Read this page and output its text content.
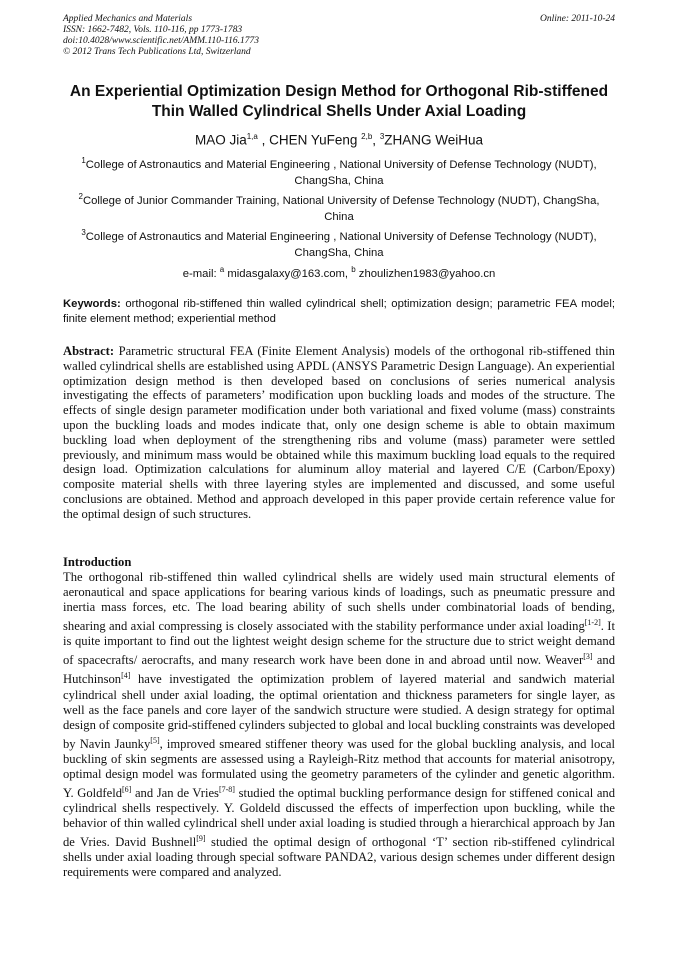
Applied Mechanics and Materials
ISSN: 1662-7482, Vols. 110-116, pp 1773-1783
doi:10.4028/www.scientific.net/AMM.110-116.1773
© 2012 Trans Tech Publications Ltd, Switzerland
Online: 2011-10-24
An Experiential Optimization Design Method for Orthogonal Rib-stiffened Thin Walled Cylindrical Shells Under Axial Loading
MAO Jia$^{1,a}$ , CHEN YuFeng $^{2,b}$, $^3$ZHANG WeiHua
$^1$College of Astronautics and Material Engineering , National University of Defense Technology (NUDT), ChangSha, China
$^2$College of Junior Commander Training, National University of Defense Technology (NUDT), ChangSha, China
$^3$College of Astronautics and Material Engineering , National University of Defense Technology (NUDT), ChangSha, China
e-mail: $^a$ midasgalaxy@163.com, $^b$ zhoulizhen1983@yahoo.cn
Keywords: orthogonal rib-stiffened thin walled cylindrical shell; optimization design; parametric FEA model; finite element method; experiential method
Abstract: Parametric structural FEA (Finite Element Analysis) models of the orthogonal rib-stiffened thin walled cylindrical shells are established using APDL (ANSYS Parametric Design Language). An experiential optimization design method is then developed based on conclusions of series numerical analysis investigating the effects of parameters’ modification upon buckling loads and modes of the structure. The effects of single design parameter modification under both variational and fixed volume (mass) constraints upon the buckling loads and modes indicate that, only one design scheme is able to obtain maximum buckling load when deployment of the strengthening ribs and volume (mass) parameter were settled previously, and minimum mass would be obtained while this maximum buckling load equals to the required design load. Optimization calculations for aluminum alloy material and layered C/E (Carbon/Epoxy) composite material shells with three layering styles are implemented and discussed, and some useful conclusions are obtained. Method and approach developed in this paper provide certain reference value for the optimal design of such structures.
Introduction
The orthogonal rib-stiffened thin walled cylindrical shells are widely used main structural elements of aeronautical and space applications for bearing various kinds of loadings, such as pneumatic pressure and inertia mass forces, etc. The load bearing ability of such shells under combinatorial loads of bending, shearing and axial compressing is closely associated with the stability performance under axial loading[1-2]. It is quite important to find out the lightest weight design scheme for the structure due to strict weight demand of spacecrafts/ aerocrafts, and many research work have been done in and abroad until now. Weaver[3] and Hutchinson[4] have investigated the optimization problem of layered material and sandwich material cylindrical shell under axial loading, the optimal orientation and thickness parameters for single layer, as well as the face panels and core layer of the sandwich structure were studied. A design strategy for optimal design of composite grid-stiffened cylinders subjected to global and local buckling constraints was developed by Navin Jaunky[5], improved smeared stiffener theory was used for the global buckling analysis, and local buckling of skin segments are assessed using a Rayleigh-Ritz method that accounts for material anisotropy, optimal design model was formulated using the geometry parameters of the cylinder and genetic algorithm. Y. Goldfeld[6] and Jan de Vries[7-8] studied the optimal buckling performance design for stiffened conical and cylindrical shells respectively. Y. Goldeld discussed the effects of imperfection upon buckling, while the behavior of thin walled cylindrical shell under axial loading is studied through a hierarchical approach by Jan de Vries. David Bushnell[9] studied the optimal design of orthogonal ‘T’ section rib-stiffened cylindrical shells under axial loading through special software PANDA2, various design schemes under different design requirements were compared and analyzed.
